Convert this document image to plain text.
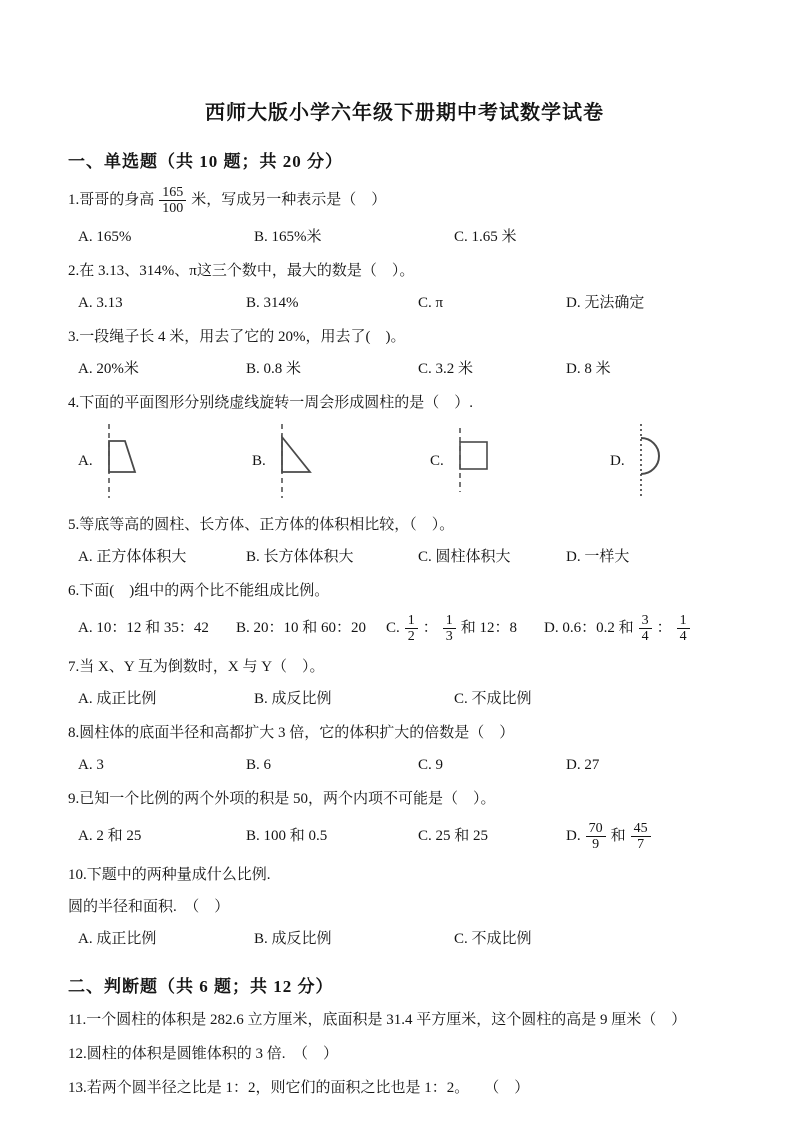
西师大版小学六年级下册期中考试数学试卷
一、单选题（共 10 题；共 20 分）
1.哥哥的身高 $\frac{165}{100}$ 米，写成另一种表示是（　）
A. 165%	B. 165%米	C. 1.65 米
2.在 3.13、314%、π这三个数中，最大的数是（　）。
A. 3.13	B. 314%	C. π	D. 无法确定
3.一段绳子长 4 米，用去了它的 20%，用去了(　)。
A. 20%米	B. 0.8 米	C. 3.2 米	D. 8 米
4.下面的平面图形分别绕虚线旋转一周会形成圆柱的是（　）.
A.	B.	C.	D.
5.等底等高的圆柱、长方体、正方体的体积相比较，（　）。
A. 正方体体积大	B. 长方体体积大	C. 圆柱体积大	D. 一样大
6.下面(　)组中的两个比不能组成比例。
A. 10：12 和 35：42	B. 20：10 和 60：20	C. $\frac{1}{2}$ ： $\frac{1}{3}$ 和 12：8 D. 0.6：0.2 和 $\frac{3}{4}$ ： $\frac{1}{4}$
7.当 X、Y 互为倒数时，X 与 Y（　）。
A. 成正比例	B. 成反比例	C. 不成比例
8.圆柱体的底面半径和高都扩大 3 倍，它的体积扩大的倍数是（　）
A. 3	B. 6	C. 9	D. 27
9.已知一个比例的两个外项的积是 50，两个内项不可能是（　）。
A. 2 和 25	B. 100 和 0.5	C. 25 和 25	D. $\frac{70}{9}$ 和 $\frac{45}{7}$
10.下题中的两种量成什么比例.
圆的半径和面积.　（　）
A. 成正比例	B. 成反比例	C. 不成比例
二、判断题（共 6 题；共 12 分）
11.一个圆柱的体积是 282.6 立方厘米，底面积是 31.4 平方厘米，这个圆柱的高是 9 厘米（　）
12.圆柱的体积是圆锥体积的 3 倍.　（　）
13.若两个圆半径之比是 1：2，则它们的面积之比也是 1：2。　　（　）
